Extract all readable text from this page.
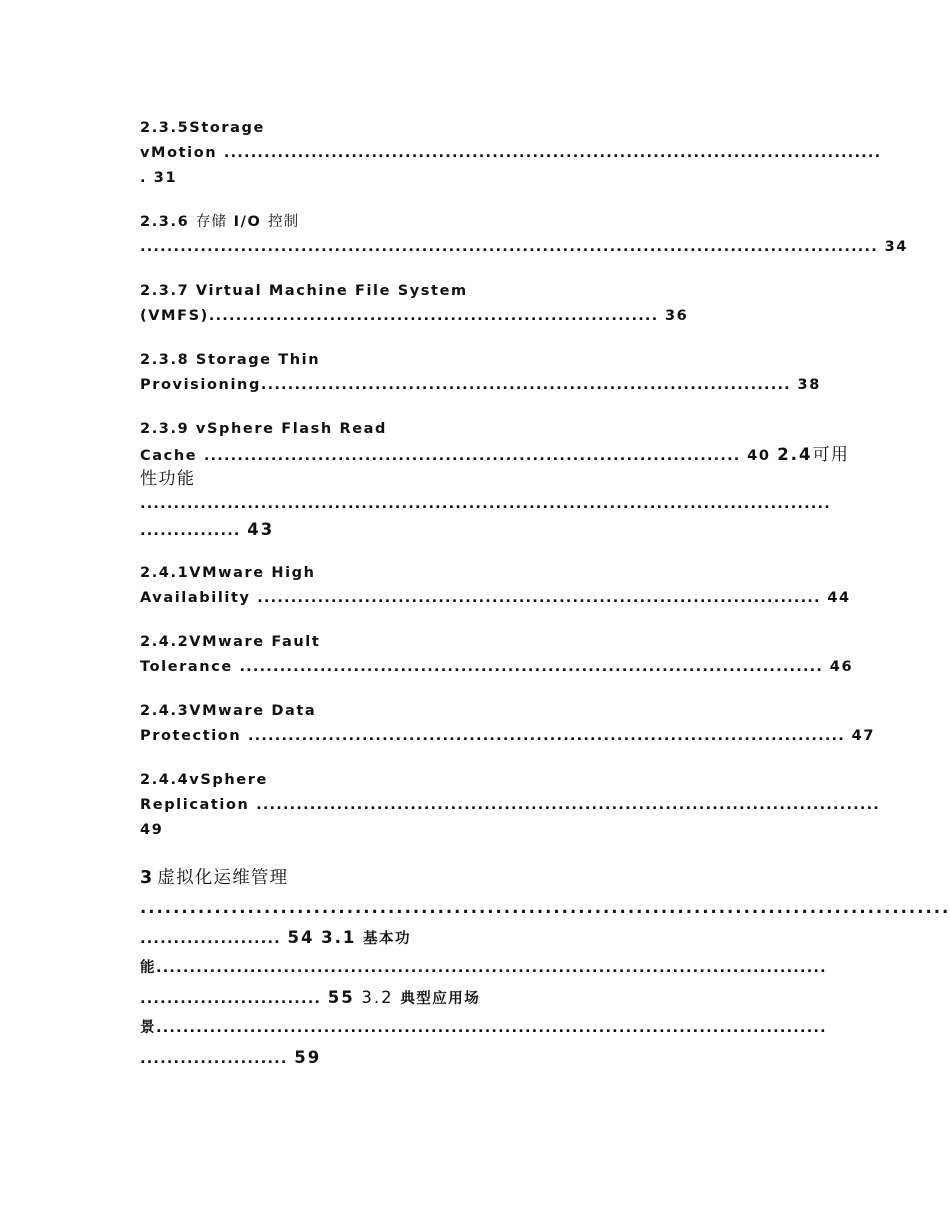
2.3.5Storage
vMotion ..................................................................................................
. 31
2.3.6 存储 I/O 控制
.............................................................................................................. 34
2.3.7 Virtual Machine File System
(VMFS)................................................................... 36
2.3.8 Storage Thin
Provisioning............................................................................... 38
2.3.9 vSphere Flash Read
Cache ................................................................................ 40 2.4可用
性功能
.......................................................................................................
............... 43
2.4.1VMware High
Availability .................................................................................... 44
2.4.2VMware Fault
Tolerance ....................................................................................... 46
2.4.3VMware Data
Protection ......................................................................................... 47
2.4.4vSphere
Replication .............................................................................................
49
3 虚拟化运维管理
..................................................................................................
..................... 54 3.1 基本功
能....................................................................................................
........................... 55 3.2 典型应用场
景....................................................................................................
...................... 59
